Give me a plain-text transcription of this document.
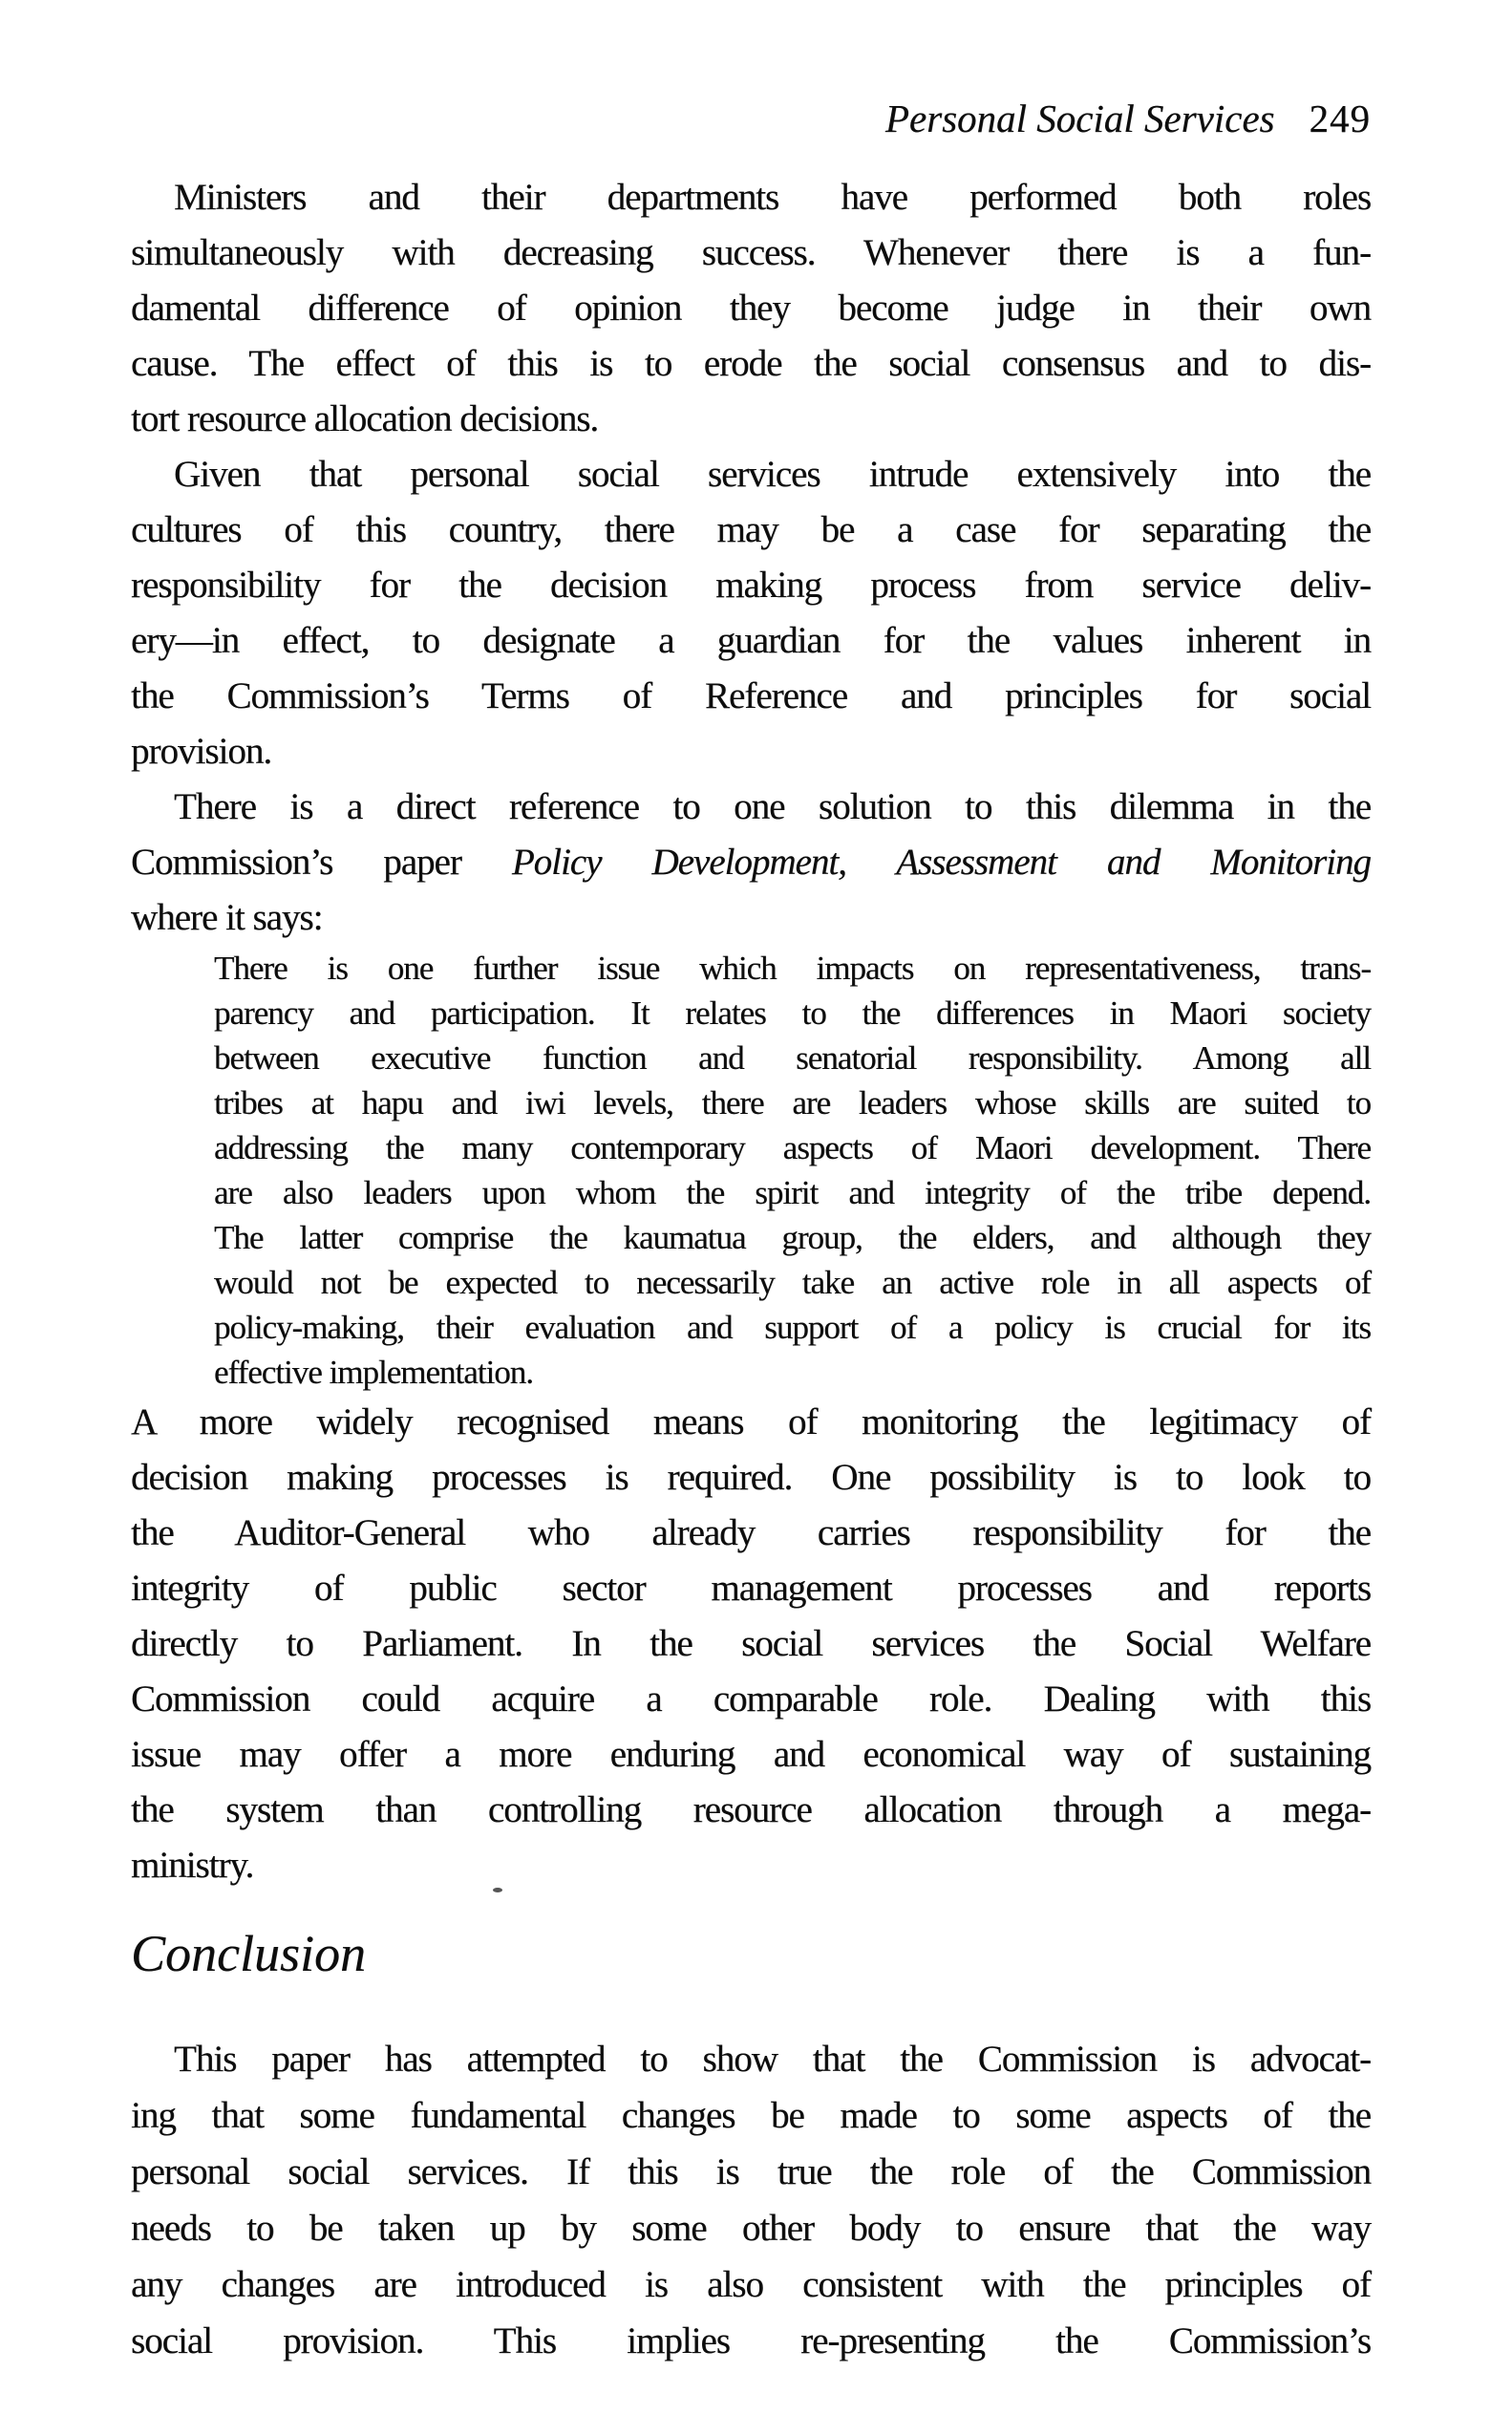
Personal Social Services 249
Ministers and their departments have performed both roles
simultaneously with decreasing success. Whenever there is a fun-
damental difference of opinion they become judge in their own
cause. The effect of this is to erode the social consensus and to dis-
tort resource allocation decisions.
Given that personal social services intrude extensively into the
cultures of this country, there may be a case for separating the
responsibility for the decision making process from service deliv-
ery—in effect, to designate a guardian for the values inherent in
the Commission’s Terms of Reference and principles for social
provision.
There is a direct reference to one solution to this dilemma in the
Commission’s paper Policy Development, Assessment and Monitoring
where it says:
There is one further issue which impacts on representativeness, trans-
parency and participation. It relates to the differences in Maori society
between executive function and senatorial responsibility. Among all
tribes at hapu and iwi levels, there are leaders whose skills are suited to
addressing the many contemporary aspects of Maori development. There
are also leaders upon whom the spirit and integrity of the tribe depend.
The latter comprise the kaumatua group, the elders, and although they
would not be expected to necessarily take an active role in all aspects of
policy-making, their evaluation and support of a policy is crucial for its
effective implementation.
A more widely recognised means of monitoring the legitimacy of
decision making processes is required. One possibility is to look to
the Auditor-General who already carries responsibility for the
integrity of public sector management processes and reports
directly to Parliament. In the social services the Social Welfare
Commission could acquire a comparable role. Dealing with this
issue may offer a more enduring and economical way of sustaining
the system than controlling resource allocation through a mega-
ministry.
Conclusion
This paper has attempted to show that the Commission is advocat-
ing that some fundamental changes be made to some aspects of the
personal social services. If this is true the role of the Commission
needs to be taken up by some other body to ensure that the way
any changes are introduced is also consistent with the principles of
social provision. This implies re-presenting the Commission’s
